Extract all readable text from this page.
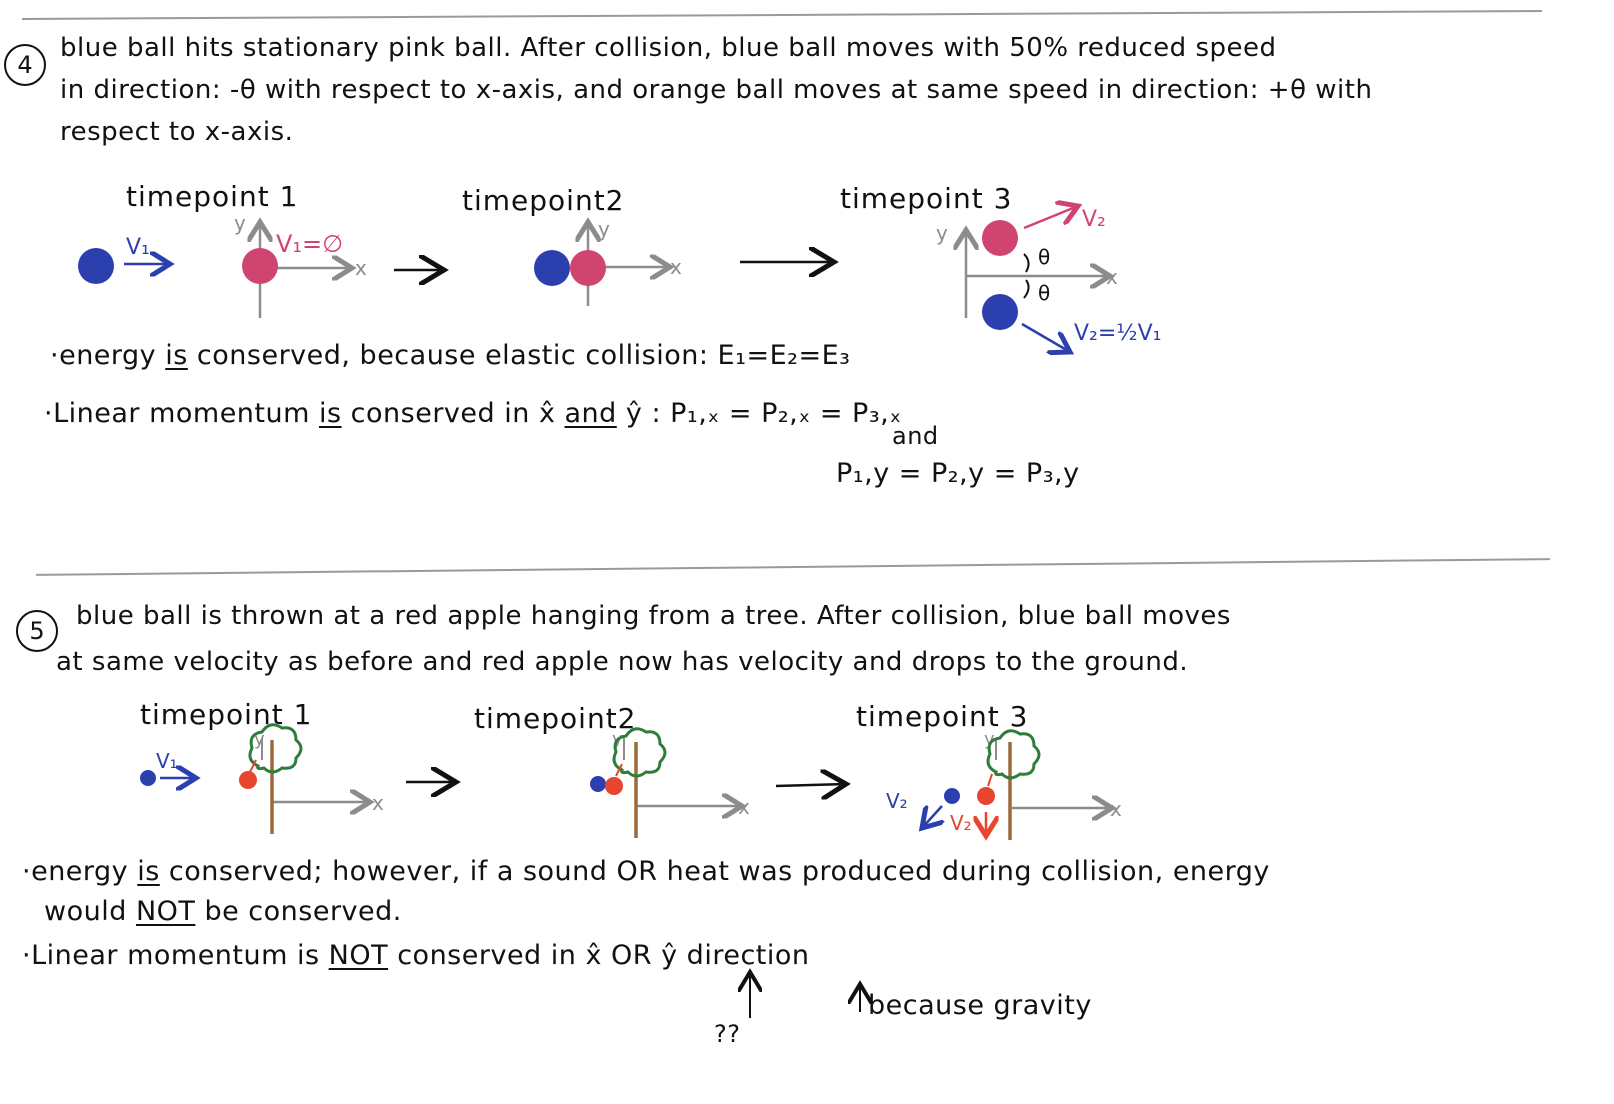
4

blue ball hits stationary pink ball. After collision, blue ball moves with 50% reduced speed

in direction: -θ with respect to x-axis, and orange ball moves at same speed in direction: +θ with

respect to x-axis.

timepoint 1	timepoint2	timepoint 3
V₁
y
x
V₁=∅
y
x
y
x
V₂
V₂=½V₁
θ
θ
V₁
x
y
x
y
x
y
V₂
V₂
·energy is conserved, because elastic collision: E₁=E₂=E₃
·Linear momentum is conserved in x̂ and ŷ : P₁,ₓ = P₂,ₓ = P₃,ₓ
and
P₁,y = P₂,y = P₃,y
5	blue ball is thrown at a red apple hanging from a tree. After collision, blue ball moves

at same velocity as before and red apple now has velocity and drops to the ground.

timepoint 1	timepoint2	timepoint 3
·energy is conserved; however, if a sound OR heat was produced during collision, energy
would NOT be conserved.
·Linear momentum is NOT conserved in x̂ OR ŷ direction
??
because gravity
